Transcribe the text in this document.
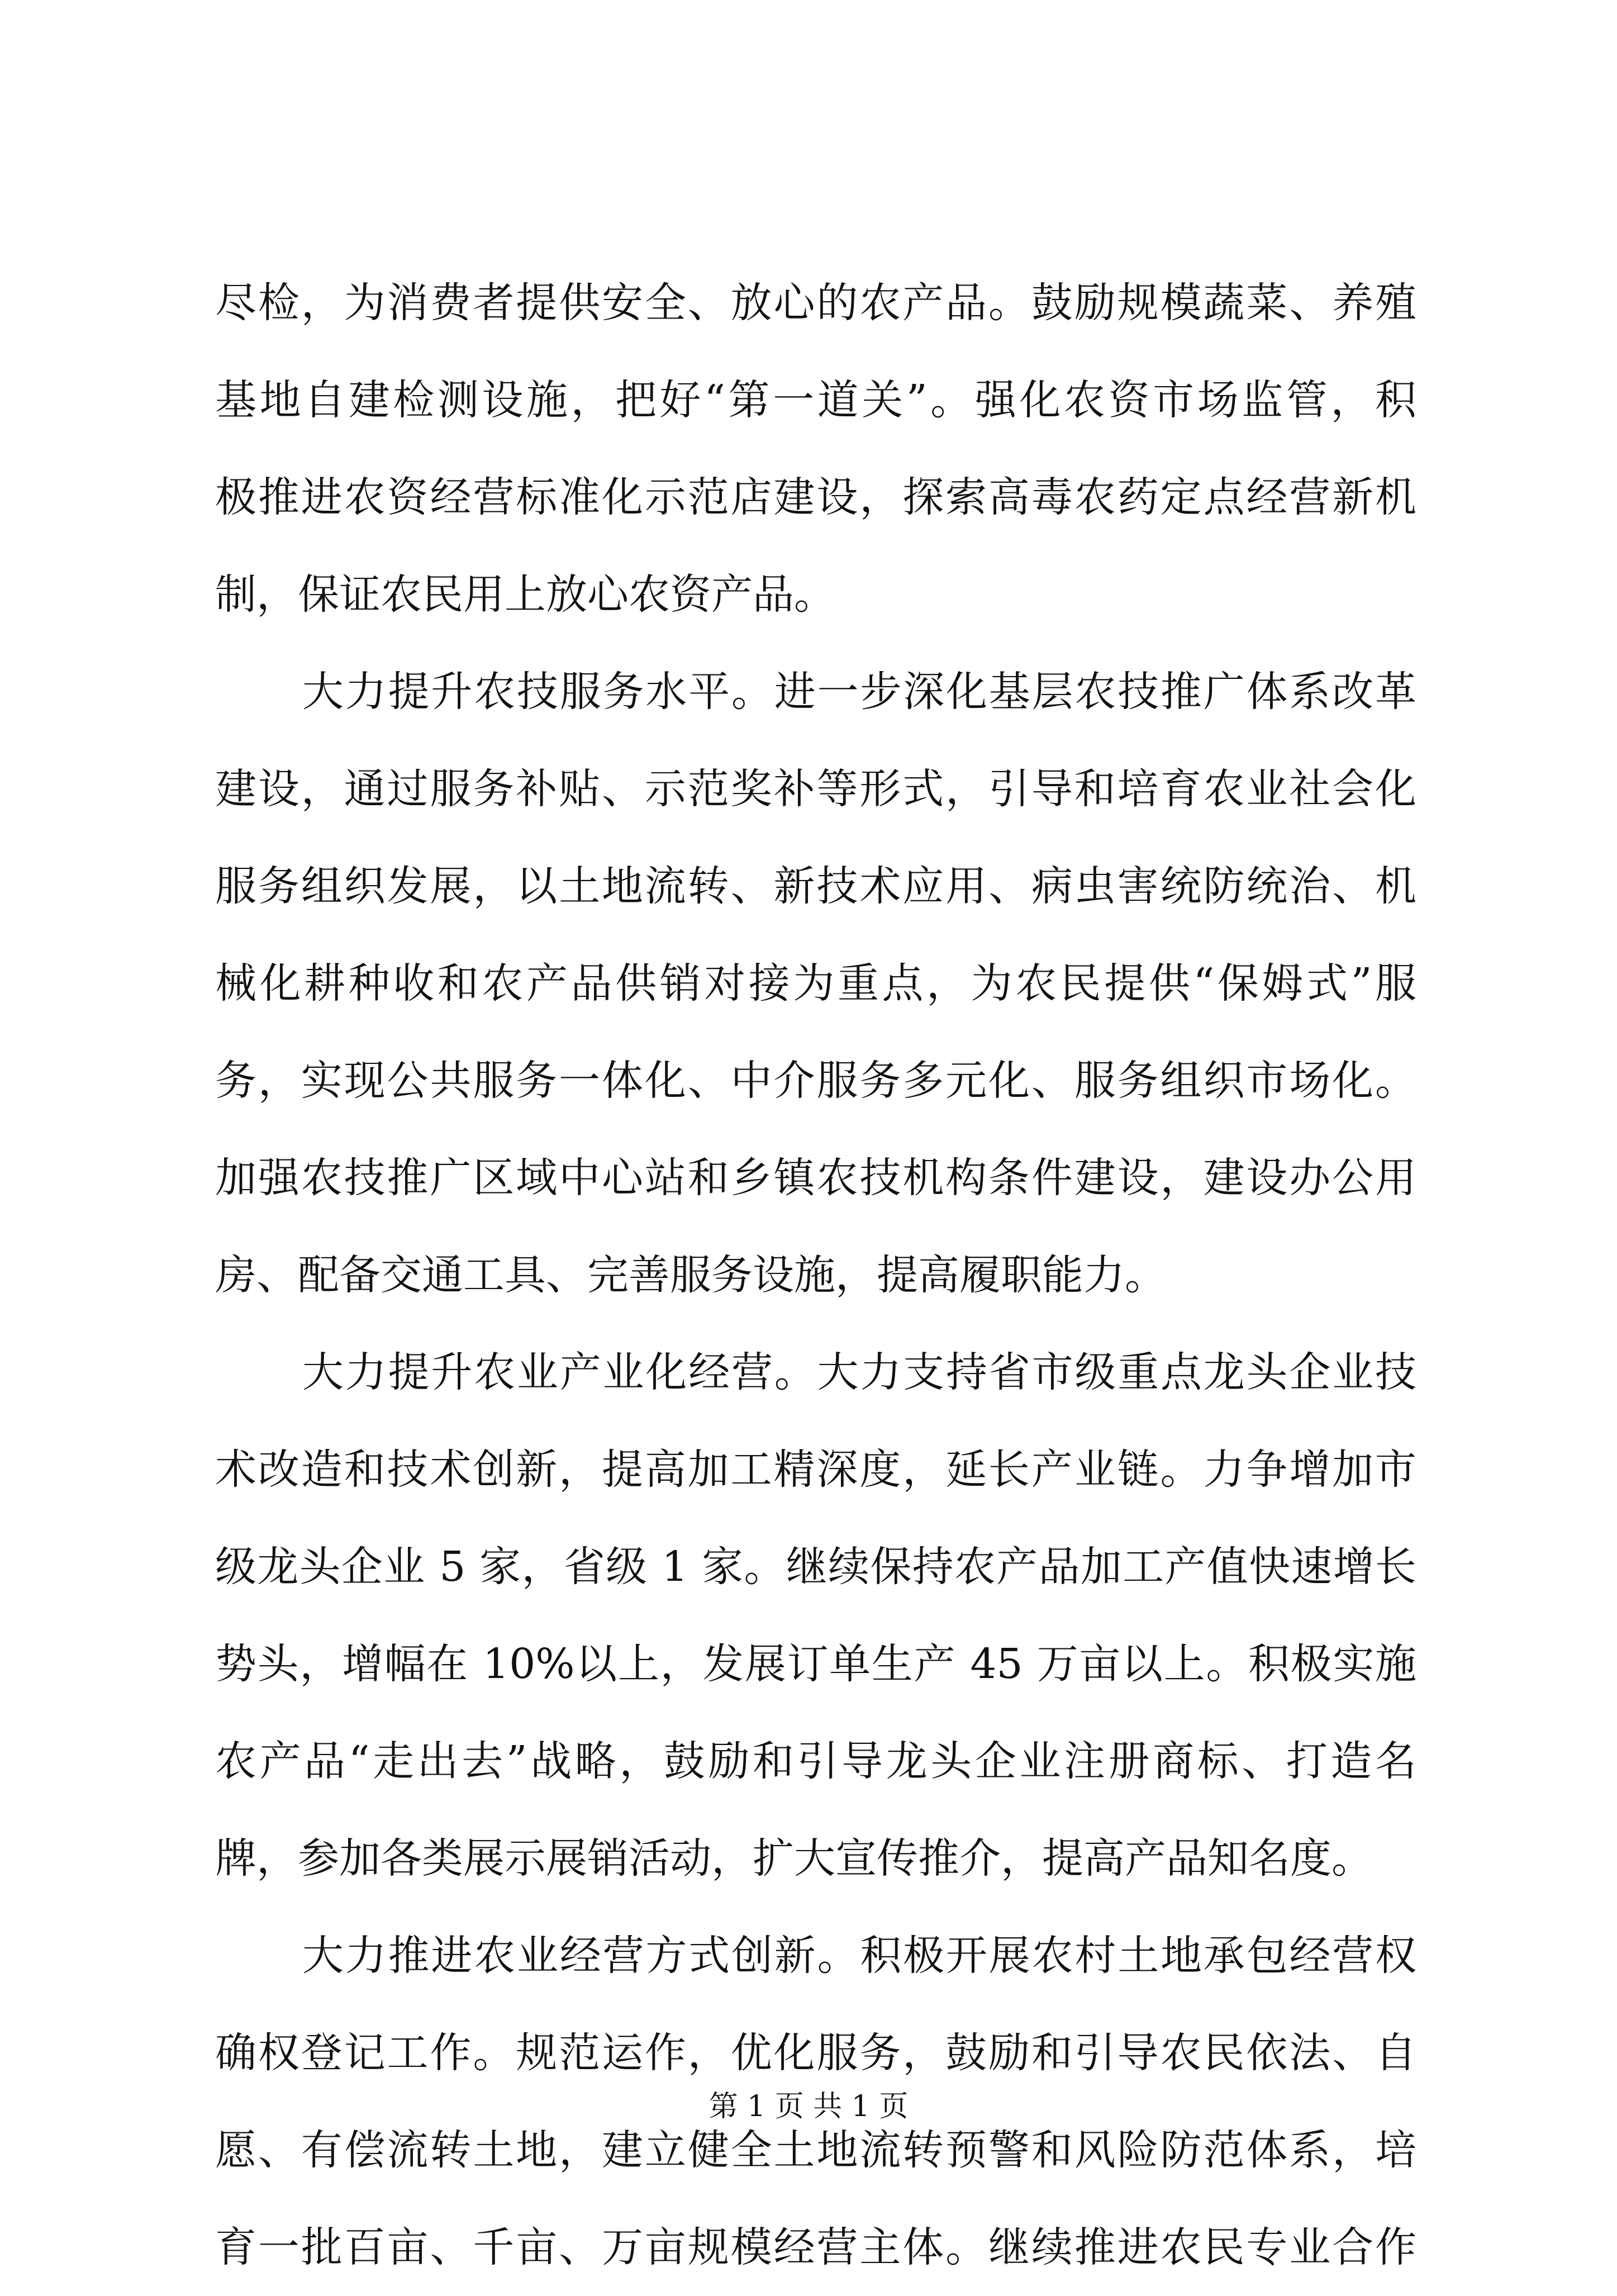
尽检，为消费者提供安全、放心的农产品。鼓励规模蔬菜、养殖
基地自建检测设施，把好“第一道关”。强化农资市场监管，积
极推进农资经营标准化示范店建设，探索高毒农药定点经营新机
制，保证农民用上放心农资产品。
大力提升农技服务水平。进一步深化基层农技推广体系改革
建设，通过服务补贴、示范奖补等形式，引导和培育农业社会化
服务组织发展，以土地流转、新技术应用、病虫害统防统治、机
械化耕种收和农产品供销对接为重点，为农民提供“保姆式”服
务，实现公共服务一体化、中介服务多元化、服务组织市场化。
加强农技推广区域中心站和乡镇农技机构条件建设，建设办公用
房、配备交通工具、完善服务设施，提高履职能力。
大力提升农业产业化经营。大力支持省市级重点龙头企业技
术改造和技术创新，提高加工精深度，延长产业链。力争增加市
级龙头企业 5 家，省级 1 家。继续保持农产品加工产值快速增长
势头，增幅在 10%以上，发展订单生产 45 万亩以上。积极实施
农产品“走出去”战略，鼓励和引导龙头企业注册商标、打造名
牌，参加各类展示展销活动，扩大宣传推介，提高产品知名度。
大力推进农业经营方式创新。积极开展农村土地承包经营权
确权登记工作。规范运作，优化服务，鼓励和引导农民依法、自
愿、有偿流转土地，建立健全土地流转预警和风险防范体系，培
育一批百亩、千亩、万亩规模经营主体。继续推进农民专业合作
第 1 页 共 1 页
